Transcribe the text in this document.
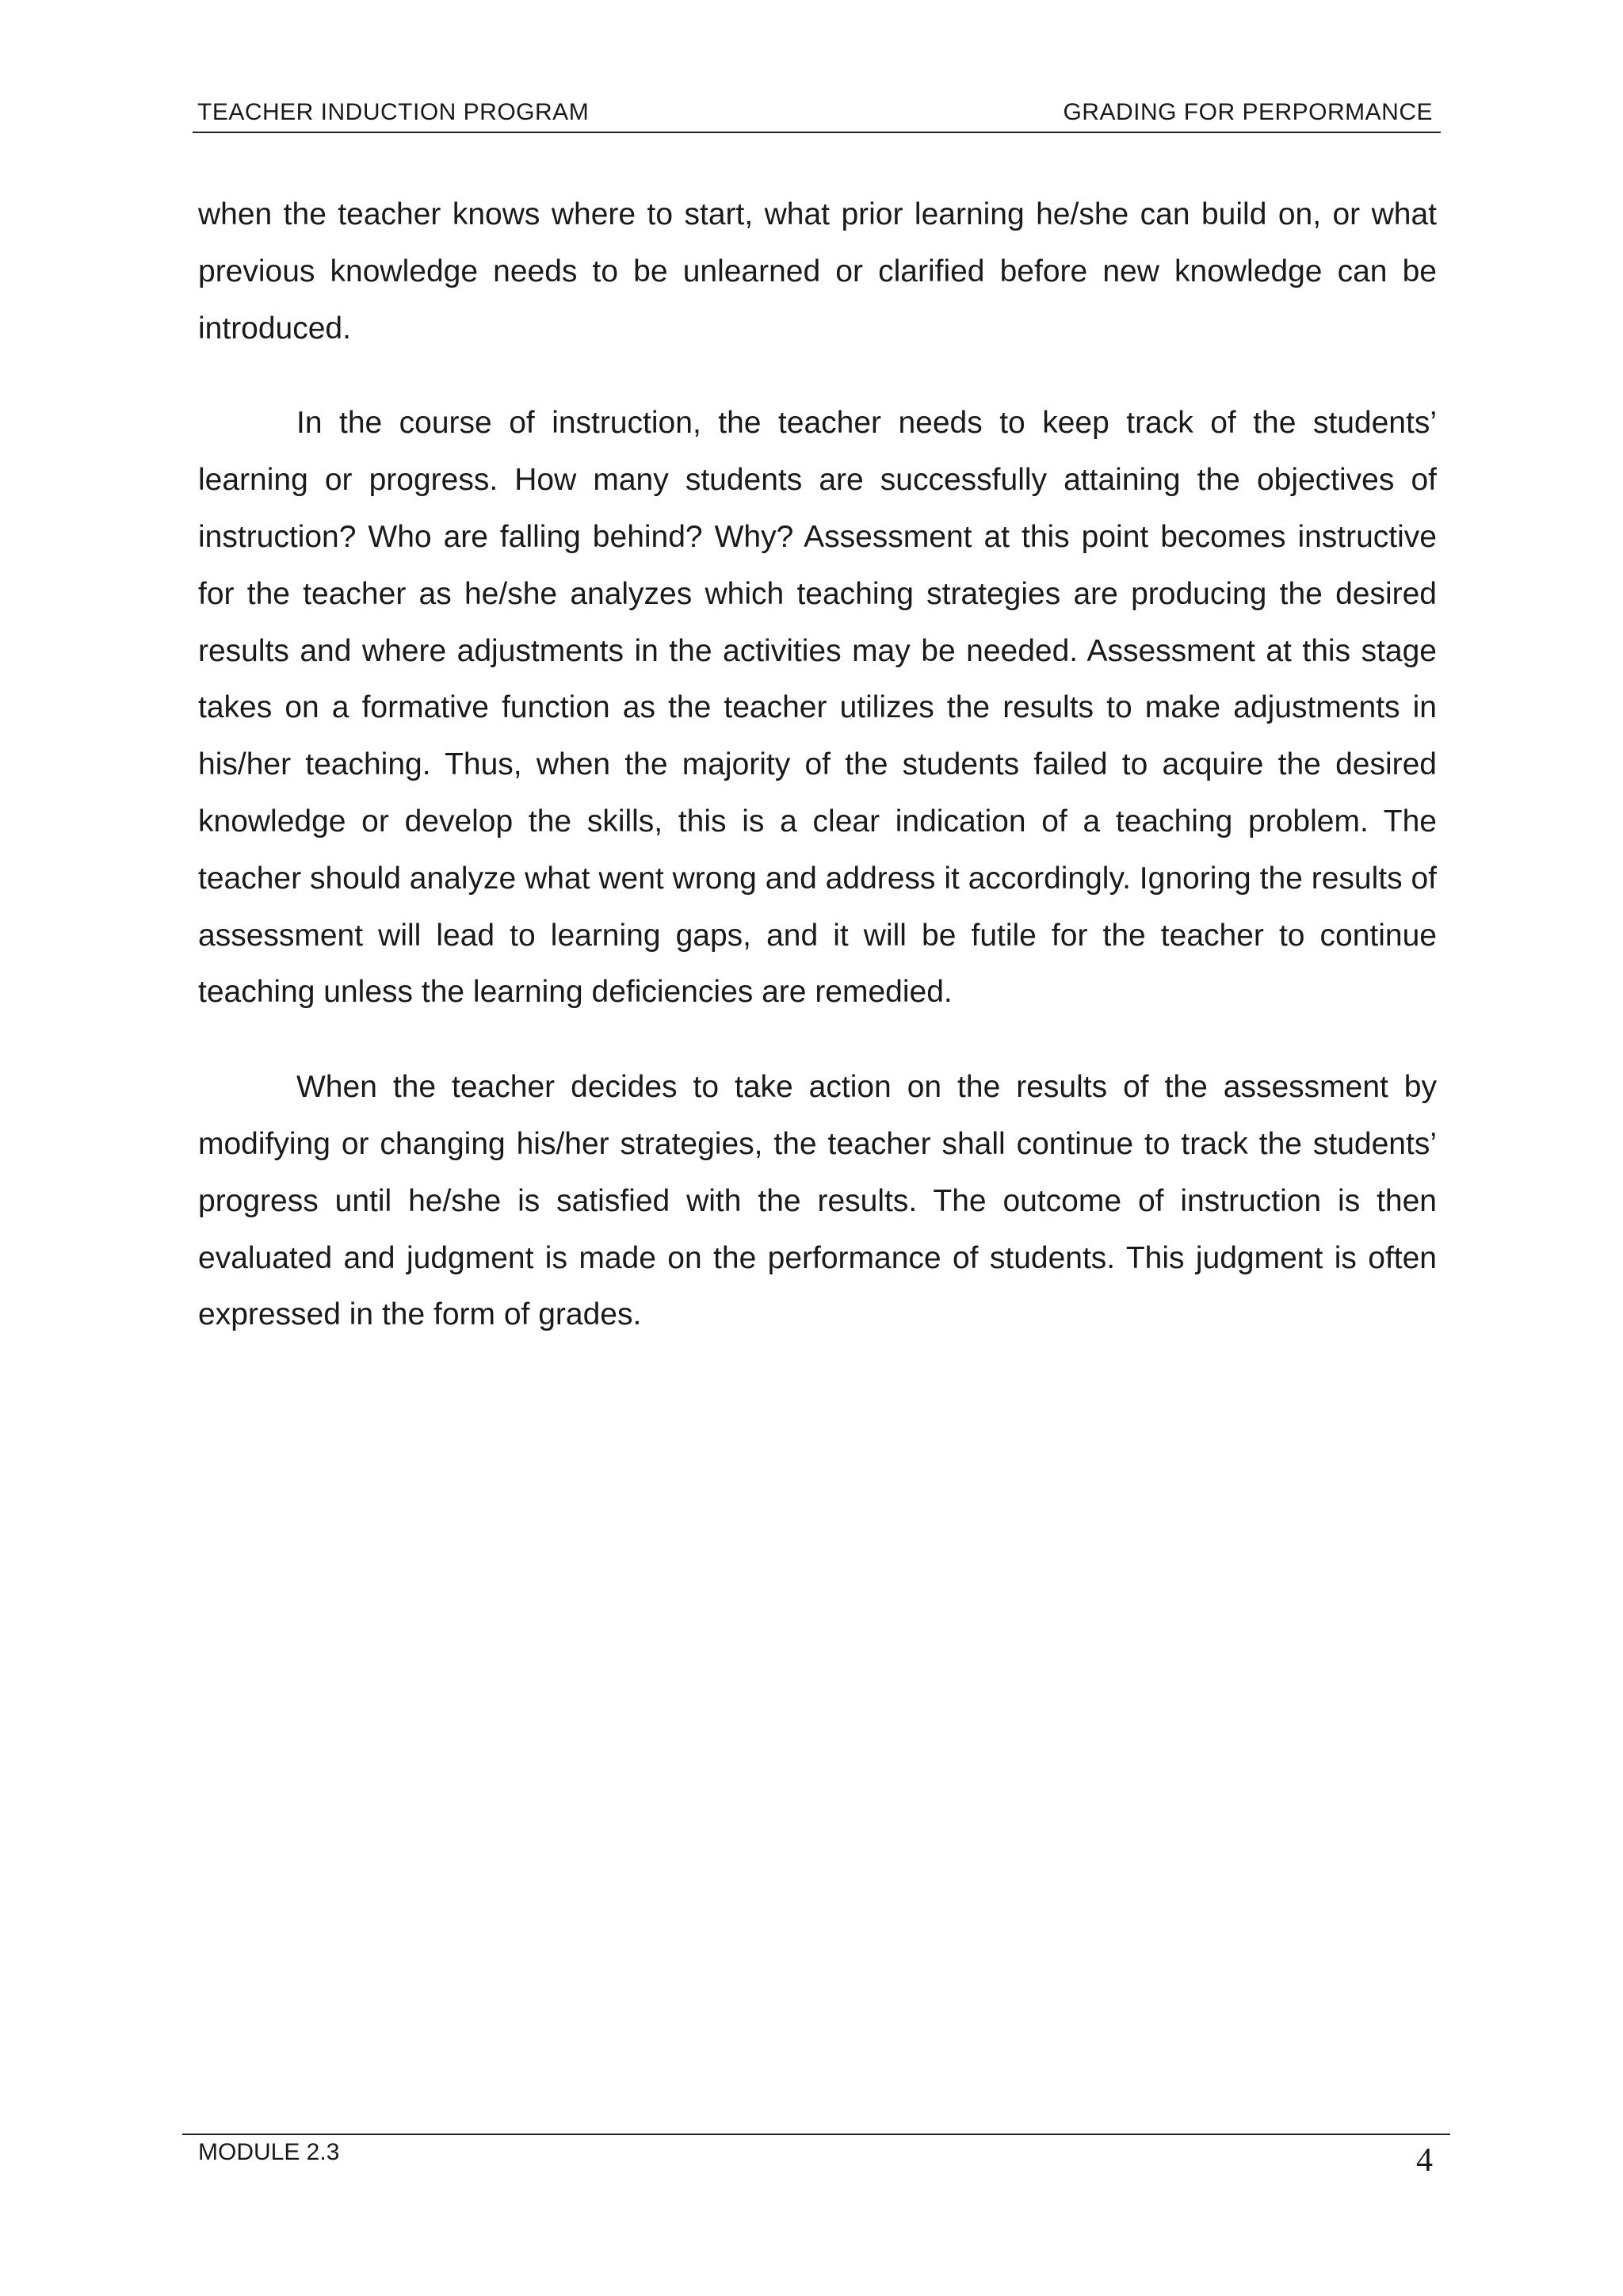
TEACHER INDUCTION PROGRAM	GRADING FOR PERPORMANCE

when the teacher knows where to start, what prior learning he/she can build on, or what previous knowledge needs to be unlearned or clarified before new knowledge can be introduced.

In the course of instruction, the teacher needs to keep track of the students’ learning or progress. How many students are successfully attaining the objectives of instruction? Who are falling behind? Why? Assessment at this point becomes instructive for the teacher as he/she analyzes which teaching strategies are producing the desired results and where adjustments in the activities may be needed. Assessment at this stage takes on a formative function as the teacher utilizes the results to make adjustments in his/her teaching. Thus, when the majority of the students failed to acquire the desired knowledge or develop the skills, this is a clear indication of a teaching problem. The teacher should analyze what went wrong and address it accordingly. Ignoring the results of assessment will lead to learning gaps, and it will be futile for the teacher to continue teaching unless the learning deficiencies are remedied.

When the teacher decides to take action on the results of the assessment by modifying or changing his/her strategies, the teacher shall continue to track the students’ progress until he/she is satisfied with the results. The outcome of instruction is then evaluated and judgment is made on the performance of students. This judgment is often expressed in the form of grades.

MODULE 2.3	4
